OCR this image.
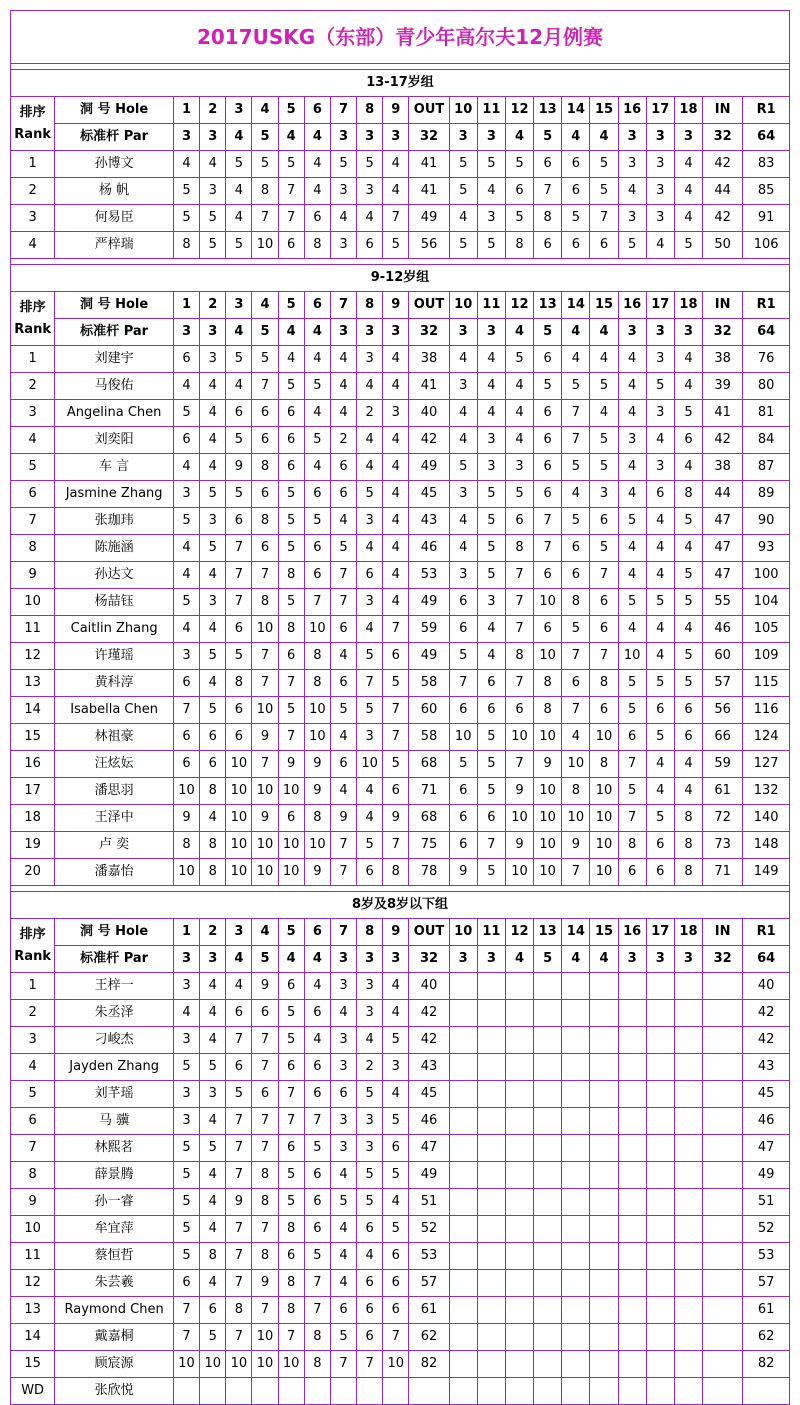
2017USKG（东部）青少年高尔夫12月例赛																						

13-17岁组																						

排序
Rank	洞 号 Hole	1	2	3	4	5	6	7	8	9	OUT	10	11	12	13	14	15	16	17	18	IN	R1
	标准杆 Par	3	3	4	5	4	4	3	3	3	32	3	3	4	5	4	4	3	3	3	32	64
1	孙博文	4	4	5	5	5	4	5	5	4	41	5	5	5	6	6	5	3	3	4	42	83
2	杨 帆	5	3	4	8	7	4	3	3	4	41	5	4	6	7	6	5	4	3	4	44	85
3	何易臣	5	5	4	7	7	6	4	4	7	49	4	3	5	8	5	7	3	3	4	42	91
4	严梓瑞	8	5	5	10	6	8	3	6	5	56	5	5	8	6	6	6	5	4	5	50	106

9-12岁组																						

排序
Rank	洞 号 Hole	1	2	3	4	5	6	7	8	9	OUT	10	11	12	13	14	15	16	17	18	IN	R1
	标准杆 Par	3	3	4	5	4	4	3	3	3	32	3	3	4	5	4	4	3	3	3	32	64
1	刘建宇	6	3	5	5	4	4	4	3	4	38	4	4	5	6	4	4	4	3	4	38	76
2	马俊佑	4	4	4	7	5	5	4	4	4	41	3	4	4	5	5	5	4	5	4	39	80
3	Angelina Chen	5	4	6	6	6	4	4	2	3	40	4	4	4	6	7	4	4	3	5	41	81
4	刘奕阳	6	4	5	6	6	5	2	4	4	42	4	3	4	6	7	5	3	4	6	42	84
5	车 言	4	4	9	8	6	4	6	4	4	49	5	3	3	6	5	5	4	3	4	38	87
6	Jasmine Zhang	3	5	5	6	5	6	6	5	4	45	3	5	5	6	4	3	4	6	8	44	89
7	张珈玮	5	3	6	8	5	5	4	3	4	43	4	5	6	7	5	6	5	4	5	47	90
8	陈施涵	4	5	7	6	5	6	5	4	4	46	4	5	8	7	6	5	4	4	4	47	93
9	孙达文	4	4	7	7	8	6	7	6	4	53	3	5	7	6	6	7	4	4	5	47	100
10	杨喆钰	5	3	7	8	5	7	7	3	4	49	6	3	7	10	8	6	5	5	5	55	104
11	Caitlin Zhang	4	4	6	10	8	10	6	4	7	59	6	4	7	6	5	6	4	4	4	46	105
12	许瑾瑶	3	5	5	7	6	8	4	5	6	49	5	4	8	10	7	7	10	4	5	60	109
13	黄科淳	6	4	8	7	7	8	6	7	5	58	7	6	7	8	6	8	5	5	5	57	115
14	Isabella Chen	7	5	6	10	5	10	5	5	7	60	6	6	6	8	7	6	5	6	6	56	116
15	林祖豪	6	6	6	9	7	10	4	3	7	58	10	5	10	10	4	10	6	5	6	66	124
16	汪炫妘	6	6	10	7	9	9	6	10	5	68	5	5	7	9	10	8	7	4	4	59	127
17	潘思羽	10	8	10	10	10	9	4	4	6	71	6	5	9	10	8	10	5	4	4	61	132
18	王泽中	9	4	10	9	6	8	9	4	9	68	6	6	10	10	10	10	7	5	8	72	140
19	卢 奕	8	8	10	10	10	10	7	5	7	75	6	7	9	10	9	10	8	6	8	73	148
20	潘嘉怡	10	8	10	10	10	9	7	6	8	78	9	5	10	10	7	10	6	6	8	71	149

8岁及8岁以下组																						

排序
Rank	洞 号 Hole	1	2	3	4	5	6	7	8	9	OUT	10	11	12	13	14	15	16	17	18	IN	R1
	标准杆 Par	3	3	4	5	4	4	3	3	3	32	3	3	4	5	4	4	3	3	3	32	64
1	王梓一	3	4	4	9	6	4	3	3	4	40											40
2	朱丞泽	4	4	6	6	5	6	4	3	4	42											42
3	刁峻杰	3	4	7	7	5	4	3	4	5	42											42
4	Jayden Zhang	5	5	6	7	6	6	3	2	3	43											43
5	刘芊瑶	3	3	5	6	7	6	6	5	4	45											45
6	马 骥	3	4	7	7	7	7	3	3	5	46											46
7	林熙茗	5	5	7	7	6	5	3	3	6	47											47
8	薛景腾	5	4	7	8	5	6	4	5	5	49											49
9	孙一睿	5	4	9	8	5	6	5	5	4	51											51
10	牟宜萍	5	4	7	7	8	6	4	6	5	52											52
11	蔡恒哲	5	8	7	8	6	5	4	4	6	53											53
12	朱芸羲	6	4	7	9	8	7	4	6	6	57											57
13	Raymond Chen	7	6	8	7	8	7	6	6	6	61											61
14	戴嘉桐	7	5	7	10	7	8	5	6	7	62											62
15	顾宸源	10	10	10	10	10	8	7	7	10	82											82
WD	张欣悦																					
